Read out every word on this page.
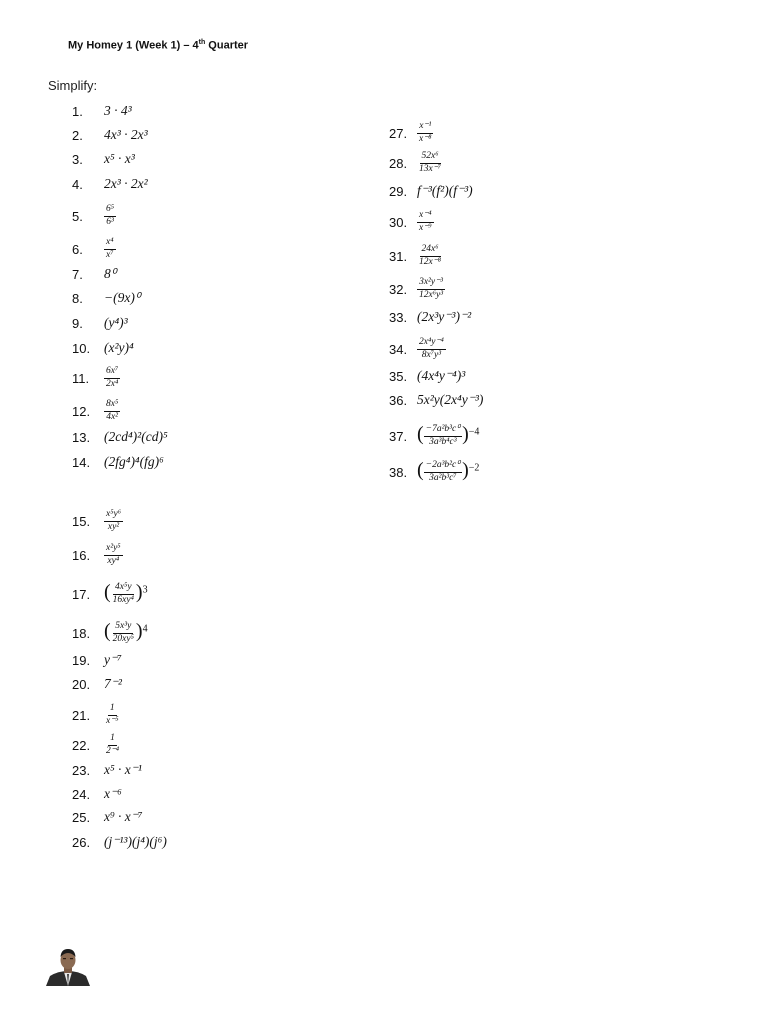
My Homey 1 (Week 1) – 4th Quarter
Simplify:
1.	3 · 4³
2.	4x³ · 2x³
3.	x⁵ · x³
4.	2x³ · 2x²
5.	$\frac{\text{6⁵}}{\text{6³}}$
6.	$\frac{\text{x⁴}}{\text{x⁷}}$
7.	8⁰
8.	−(9x)⁰
9.	(y⁴)³
10.	(x²y)⁴
11.	$\frac{\text{6x⁷}}{\text{2x⁴}}$
12.	$\frac{\text{8x⁵}}{\text{4x²}}$
13.	(2cd⁴)²(cd)⁵
14.	(2fg⁴)⁴(fg)⁶
15.	$\frac{\text{x⁵y⁶}}{\text{xy²}}$
16.	$\frac{\text{x²y⁵}}{\text{xy⁴}}$
17. ( $\frac{\text{4x⁵y}}{\text{16xy⁴}} )^3$
18. ( $\frac{\text{5x³y}}{\text{20xy⁵}} )^4$
19.	y⁻⁷
20.	7⁻²
21.	$\frac{1}{\text{x⁻⁵}}$
22.	$\frac{1}{\text{2⁻⁴}}$
23.	x⁵ · x⁻¹
24.	x⁻⁶
25.	x⁹ · x⁻⁷
26.	(j⁻¹³)(j⁴)(j⁶)
27.	$\frac{\text{x⁻¹}}{\text{x⁻⁸}}$
28.	$\frac{\text{52x⁶}}{\text{13x⁻⁷}}$
29. f⁻³(f²)(f⁻³)
30.	$\frac{\text{x⁻⁴}}{\text{x⁻⁹}}$
31.	$\frac{\text{24x⁶}}{\text{12x⁻⁸}}$
32.	$\frac{\text{3x²y⁻³}}{\text{12x⁶y³}}$
33. (2x³y⁻³)⁻²
34.	$\frac{\text{2x⁴y⁻⁴}}{\text{8x⁷y³}}$
35. (4x⁴y⁻⁴)³
36. 5x²y(2x⁴y⁻³)
37. ( $\frac{\text{−7a²b³c⁰}}{\text{3a³b⁴c³}} )^{-4}$
38. ( $\frac{\text{−2a³b²c⁰}}{\text{3a²b³c⁷}} )^{-2}$
